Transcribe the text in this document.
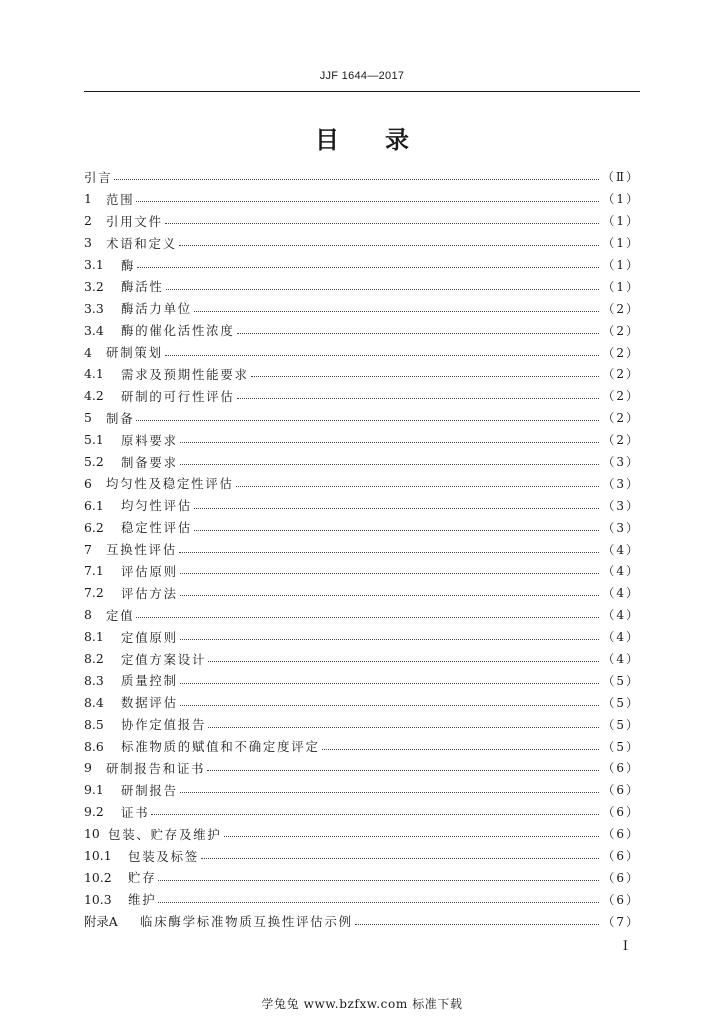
JJF 1644—2017
目 录
引言	（Ⅱ）
1	范围	（1）
2	引用文件	（1）
3	术语和定义	（1）
3.1	酶	（1）
3.2	酶活性	（1）
3.3	酶活力单位	（2）
3.4	酶的催化活性浓度	（2）
4	研制策划	（2）
4.1	需求及预期性能要求	（2）
4.2	研制的可行性评估	（2）
5	制备	（2）
5.1	原料要求	（2）
5.2	制备要求	（3）
6	均匀性及稳定性评估	（3）
6.1	均匀性评估	（3）
6.2	稳定性评估	（3）
7	互换性评估	（4）
7.1	评估原则	（4）
7.2	评估方法	（4）
8	定值	（4）
8.1	定值原则	（4）
8.2	定值方案设计	（4）
8.3	质量控制	（5）
8.4	数据评估	（5）
8.5	协作定值报告	（5）
8.6	标准物质的赋值和不确定度评定	（5）
9	研制报告和证书	（6）
9.1	研制报告	（6）
9.2	证书	（6）
10 包装、贮存及维护	（6）
10.1	包装及标签	（6）
10.2	贮存	（6）
10.3	维护	（6）
附录A	临床酶学标准物质互换性评估示例	（7）
I
学兔兔 www.bzfxw.com 标准下载
